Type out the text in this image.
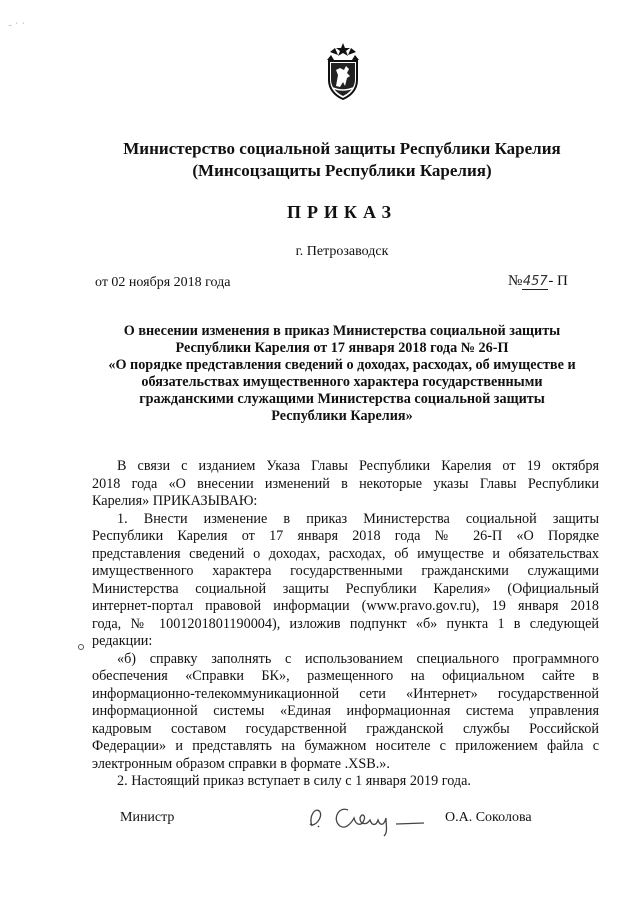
⁻ ˙ ˙
Министерство социальной защиты Республики Карелия
(Минсоцзащиты Республики Карелия)
ПРИКАЗ
г. Петрозаводск
от 02 ноября 2018 года	№457- П
О внесении изменения в приказ Министерства социальной защиты
Республики Карелия от 17 января 2018 года № 26-П
«О порядке представления сведений о доходах, расходах, об имуществе и
обязательствах имущественного характера государственными
гражданскими служащими Министерства социальной защиты
Республики Карелия»
В связи с изданием Указа Главы Республики Карелия от 19 октября
2018 года «О внесении изменений в некоторые указы Главы Республики
Карелия» ПРИКАЗЫВАЮ:
1. Внести изменение в приказ Министерства социальной защиты
Республики Карелия от 17 января 2018 года № 26-П «О Порядке
представления сведений о доходах, расходах, об имуществе и обязательствах
имущественного характера государственными гражданскими служащими
Министерства социальной защиты Республики Карелия» (Официальный
интернет-портал правовой информации (www.pravo.gov.ru), 19 января 2018
года, № 1001201801190004), изложив подпункт «б» пункта 1 в следующей
редакции:
«б) справку заполнять с использованием специального программного
обеспечения «Справки БК», размещенного на официальном сайте в
информационно-телекоммуникационной сети «Интернет» государственной
информационной системы «Единая информационная система управления
кадровым составом государственной гражданской службы Российской
Федерации» и представлять на бумажном носителе с приложением файла с
электронным образом справки в формате .XSB.».
2. Настоящий приказ вступает в силу с 1 января 2019 года.
Министр	О.А. Соколова
